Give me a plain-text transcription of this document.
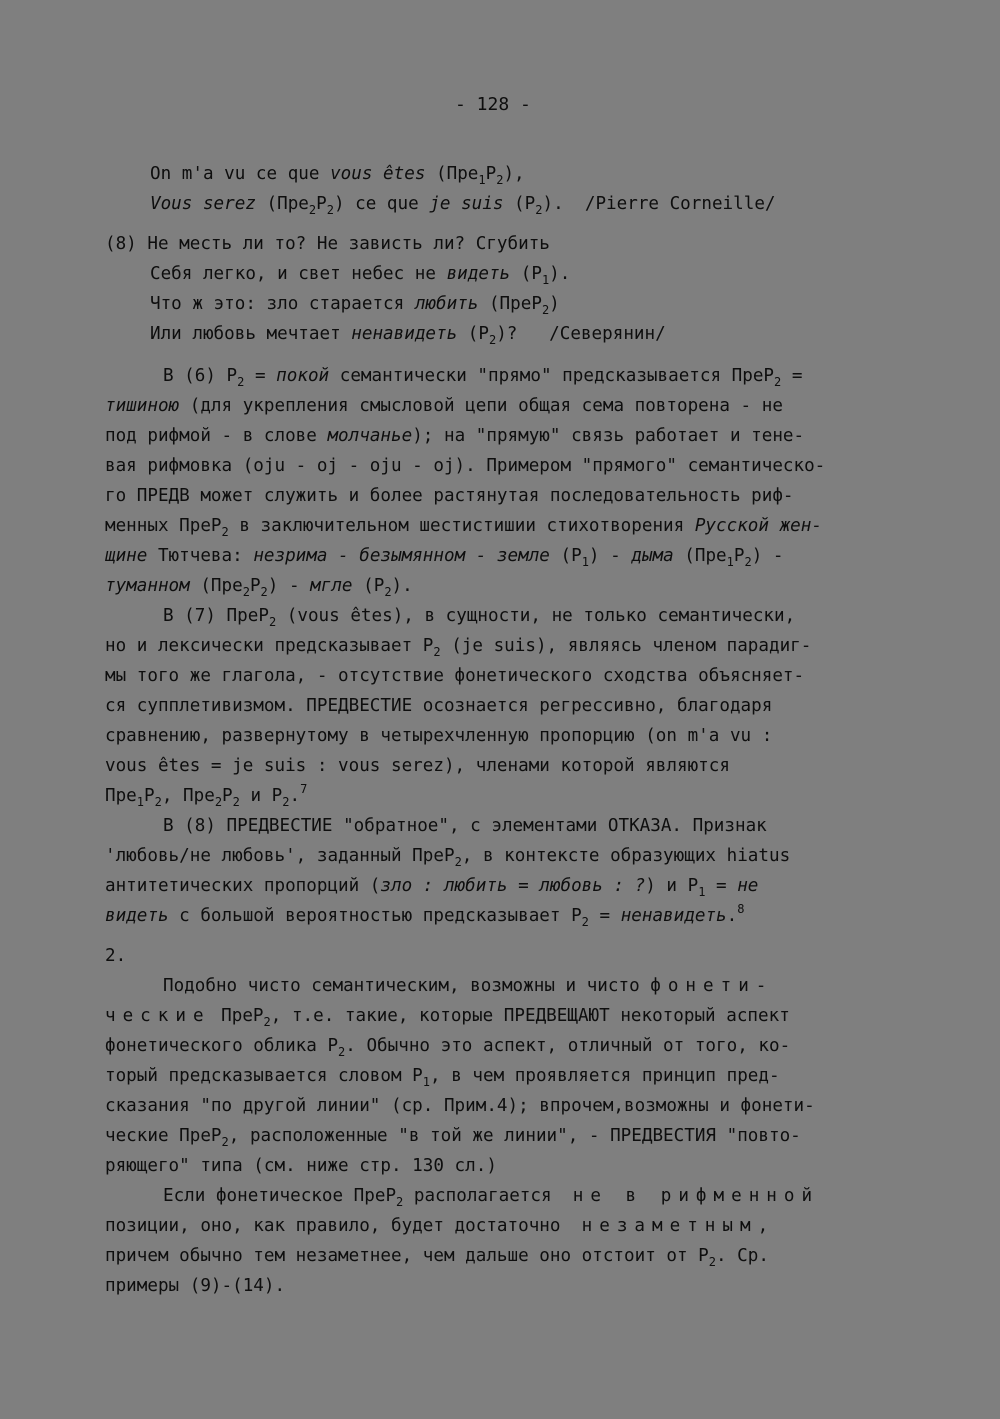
- 128 -
On m'a vu ce que vous êtes $(Пре_1Р_2)$,
Vous serez $(Пре_2Р_2)$ ce que je suis $(Р_2)$.  /Pierre Corneille/
(8) Не месть ли то? Не зависть ли? Сгубить
Себя легко, и свет небес не видеть $(Р_1)$.
Что ж это: зло старается любить (ПреР$_2$)
Или любовь мечтает ненавидеть $(Р_2)$?   /Северянин/
В (6) $Р_2$ = покой семантически "прямо" предсказывается ПреР$_2$ =
тишиною (для укрепления смысловой цепи общая сема повторена - не
под рифмой - в слове молчанье); на "прямую" связь работает и тене-
вая рифмовка (oju - oj - oju - oj). Примером "прямого" семантическо-
го ПРЕДВ может служить и более растянутая последовательность риф-
менных ПреР$_2$ в заключительном шестистишии стихотворения Русской жен-
щине Тютчева: незрима - безымянном - земле $(Р_1)$ - дыма $(Пре_1Р_2)$ -
туманном $(Пре_2Р_2)$ - мгле $(Р_2)$.
В (7) ПреР$_2$ (vous êtes), в сущности, не только семантически,
но и лексически предсказывает $Р_2$ (je suis), являясь членом парадиг-
мы того же глагола, - отсутствие фонетического сходства объясняет-
ся супплетивизмом. ПРЕДВЕСТИЕ осознается регрессивно, благодаря
сравнению, развернутому в четырехчленную пропорцию (on m'a vu :
vous êtes = je suis : vous serez), членами которой являются
$Пре_1Р_2$, $Пре_2Р_2$ и $Р_2.^7$
В (8) ПРЕДВЕСТИЕ "обратное", с элементами ОТКАЗА. Признак
'любовь/не любовь', заданный ПреР$_2$, в контексте образующих hiatus
антитетических пропорций (зло : любить = любовь : ?) и $Р_1$ = не
видеть с большой вероятностью предсказывает $Р_2$ = ненавидеть.$^8$
2.
Подобно чисто семантическим, возможны и чисто фонети-
ческие ПреР$_2$, т.е. такие, которые ПРЕДВЕЩАЮТ некоторый аспект
фонетического облика $Р_2$. Обычно это аспект, отличный от того, ко-
торый предсказывается словом $Р_1$, в чем проявляется принцип пред-
сказания "по другой линии" (ср. Прим.4); впрочем,возможны и фонети-
ческие ПреР$_2$, расположенные "в той же линии", - ПРЕДВЕСТИЯ "повто-
ряющего" типа (см. ниже стр. 130 сл.)
Если фонетическое ПреР$_2$ располагается  не в рифменной
позиции, оно, как правило, будет достаточно  незаметным,
причем обычно тем незаметнее, чем дальше оно отстоит от $Р_2$. Ср.
примеры (9)-(14).
